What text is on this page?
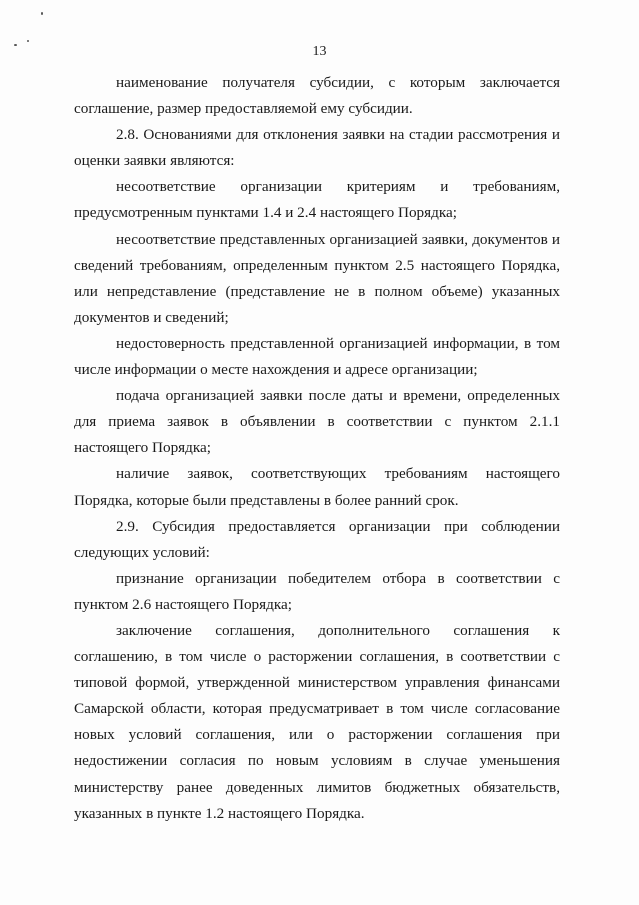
13

наименование получателя субсидии, с которым заключается соглашение, размер предоставляемой ему субсидии.

2.8. Основаниями для отклонения заявки на стадии рассмотрения и оценки заявки являются:

несоответствие организации критериям и требованиям, предусмотренным пунктами 1.4 и 2.4 настоящего Порядка;

несоответствие представленных организацией заявки, документов и сведений требованиям, определенным пунктом 2.5 настоящего Порядка, или непредставление (представление не в полном объеме) указанных документов и сведений;

недостоверность представленной организацией информации, в том числе информации о месте нахождения и адресе организации;

подача организацией заявки после даты и времени, определенных для приема заявок в объявлении в соответствии с пунктом 2.1.1 настоящего Порядка;

наличие заявок, соответствующих требованиям настоящего Порядка, которые были представлены в более ранний срок.

2.9. Субсидия предоставляется организации при соблюдении следующих условий:

признание организации победителем отбора в соответствии с пунктом 2.6 настоящего Порядка;

заключение соглашения, дополнительного соглашения к соглашению, в том числе о расторжении соглашения, в соответствии с типовой формой, утвержденной министерством управления финансами Самарской области, которая предусматривает в том числе согласование новых условий соглашения, или о расторжении соглашения при недостижении согласия по новым условиям в случае уменьшения министерству ранее доведенных лимитов бюджетных обязательств, указанных в пункте 1.2 настоящего Порядка.
